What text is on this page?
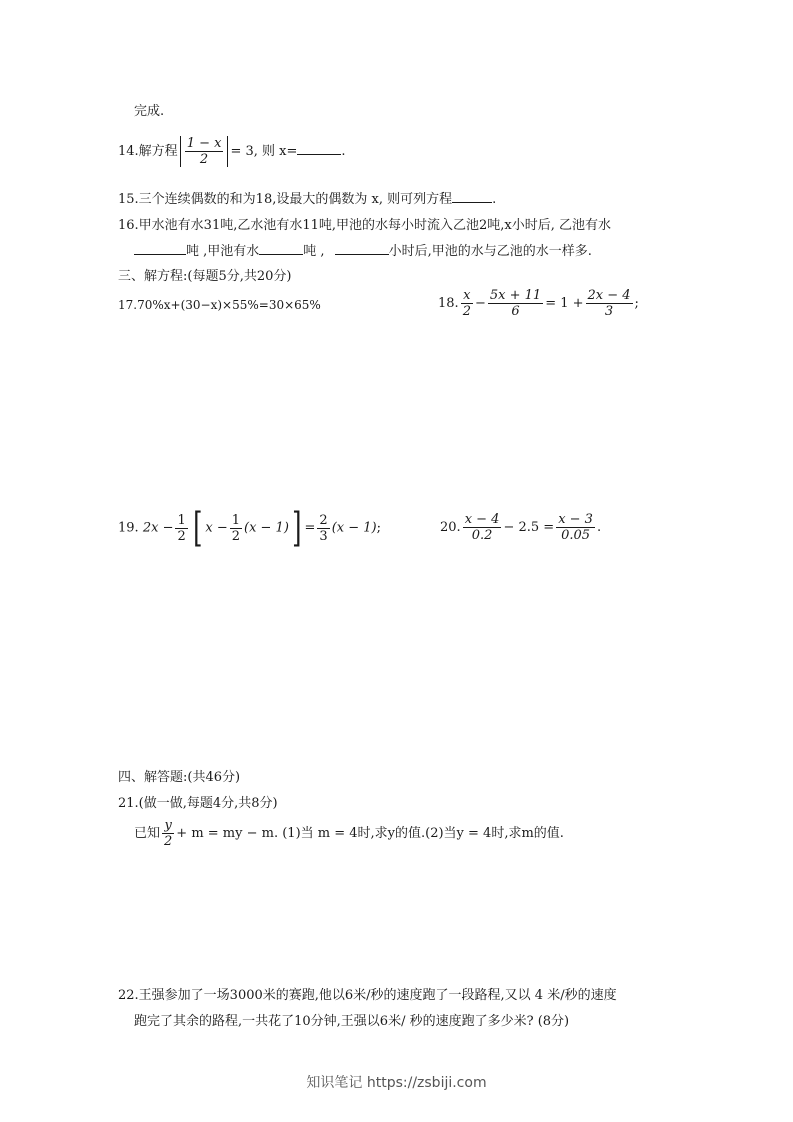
完成.
14.解方程 $\frac{1 - x}{2} = 3$, 则 x=	.
15.三个连续偶数的和为18,设最大的偶数为 x, 则可列方程	.
16.甲水池有水31吨,乙水池有水11吨,甲池的水每小时流入乙池2吨,x小时后, 乙池有水
吨 ,甲池有水	吨 ,	小时后,甲池的水与乙池的水一样多.
三、解方程:(每题5分,共20分)
17.70%x+(30−x)×55%=30×65%	18. $\frac{x}{2} - \frac{5x + 11}{6} = 1 + \frac{2x - 4}{3}$ ;
19. $2x - \frac{1}{2}$ [ $x - \frac{1}{2} (x - 1)] = \frac{2}{3} (x - 1)$;	20. $\frac{x - 4}{0.2} - 2.5 = \frac{x - 3}{0.05}$ .
四、解答题:(共46分)
21.(做一做,每题4分,共8分)
已知 $\frac{y}{2} + m$ = my − m. (1)当 m = 4时,求y的值.(2)当y = 4时,求m的值.
22.王强参加了一场3000米的赛跑,他以6米/秒的速度跑了一段路程,又以 4 米/秒的速度
跑完了其余的路程,一共花了10分钟,王强以6米/ 秒的速度跑了多少米? (8分)
知识笔记 https://zsbiji.com
